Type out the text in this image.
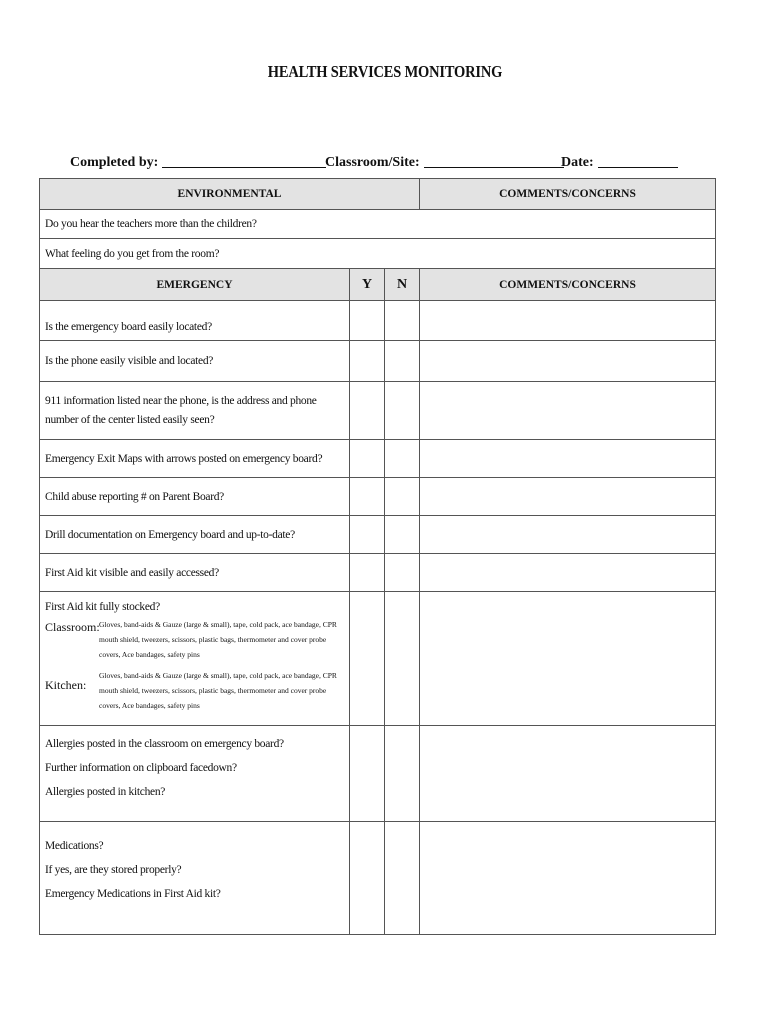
HEALTH SERVICES MONITORING
Completed by:	Classroom/Site:	Date:
ENVIRONMENTAL			COMMENTS/CONCERNS
Do you hear the teachers more than the children?			
What feeling do you get from the room?			
EMERGENCY	Y	N	COMMENTS/CONCERNS
Is the emergency board easily located?			
Is the phone easily visible and located?			
911 information listed near the phone, is the address and phone number of the center listed easily seen?			
Emergency Exit Maps with arrows posted on emergency board?			
Child abuse reporting # on Parent Board?			
Drill documentation on Emergency board and up-to-date?			
First Aid kit visible and easily accessed?			

First Aid kit fully stocked?
Classroom: Gloves, band-aids & Gauze (large & small), tape, cold pack, ace bandage, CPR mouth shield, tweezers, scissors, plastic bags, thermometer and cover probe covers, Ace bandages, safety pins
Kitchen:
Gloves, band-aids & Gauze (large & small), tape, cold pack, ace bandage, CPR mouth shield, tweezers, scissors, plastic bags, thermometer and cover probe covers, Ace bandages, safety pins			

Allergies posted in the classroom on emergency board?
Further information on clipboard facedown?
Allergies posted in kitchen?			

Medications?
If yes, are they stored properly?
Emergency Medications in First Aid kit?			
